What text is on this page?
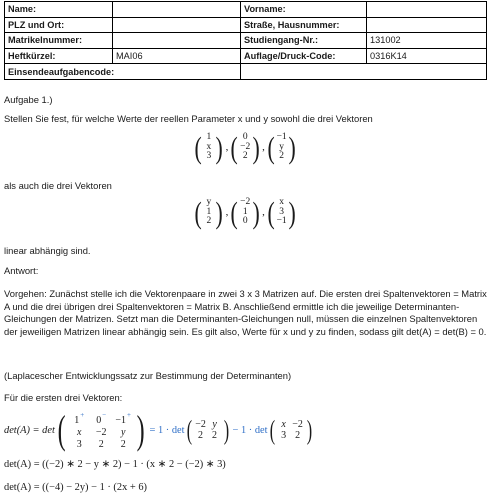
Name:		Vorname:	
PLZ und Ort:		Straße, Hausnummer:	
Matrikelnummer:		Studiengang-Nr.:	131002
Heftkürzel:	MAI06	Auflage/Druck-Code:	0316K14
Einsendeaufgabencode:			
Aufgabe 1.)
Stellen Sie fest, für welche Werte der reellen Parameter x und y sowohl die drei Vektoren
( 1
x
3 ) , ( 0
−2
2 ) , ( −1
y
2 )
als auch die drei Vektoren
( y
1
2 ) , ( −2
1
0 ) , ( x
3
−1 )
linear abhängig sind.
Antwort:
Vorgehen: Zunächst stelle ich die Vektorenpaare in zwei 3 x 3 Matrizen auf. Die ersten drei Spaltenvektoren = Matrix A und die drei übrigen drei Spaltenvektoren = Matrix B. Anschließend ermittle ich die jeweilige Determinanten-Gleichungen der Matrizen. Setzt man die Determinanten-Gleichungen null, müssen die einzelnen Spaltenvektoren der jeweiligen Matrizen linear abhängig sein. Es gilt also, Werte für x und y zu finden, sodass gilt det(A) = det(B) = 0.
(Laplacescher Entwicklungssatz zur Bestimmung der Determinanten)
Für die ersten drei Vektoren:
det(A) = det ( 1+	0− −1+
x	−2	y
3	2	2 ) = 1 · det ( −2 y
2 2 ) − 1 · det ( x −2
3 2 )
det(A) = ((−2) ∗ 2 − y ∗ 2) − 1 · (x ∗ 2 − (−2) ∗ 3)
det(A) = ((−4) − 2y) − 1 · (2x + 6)
